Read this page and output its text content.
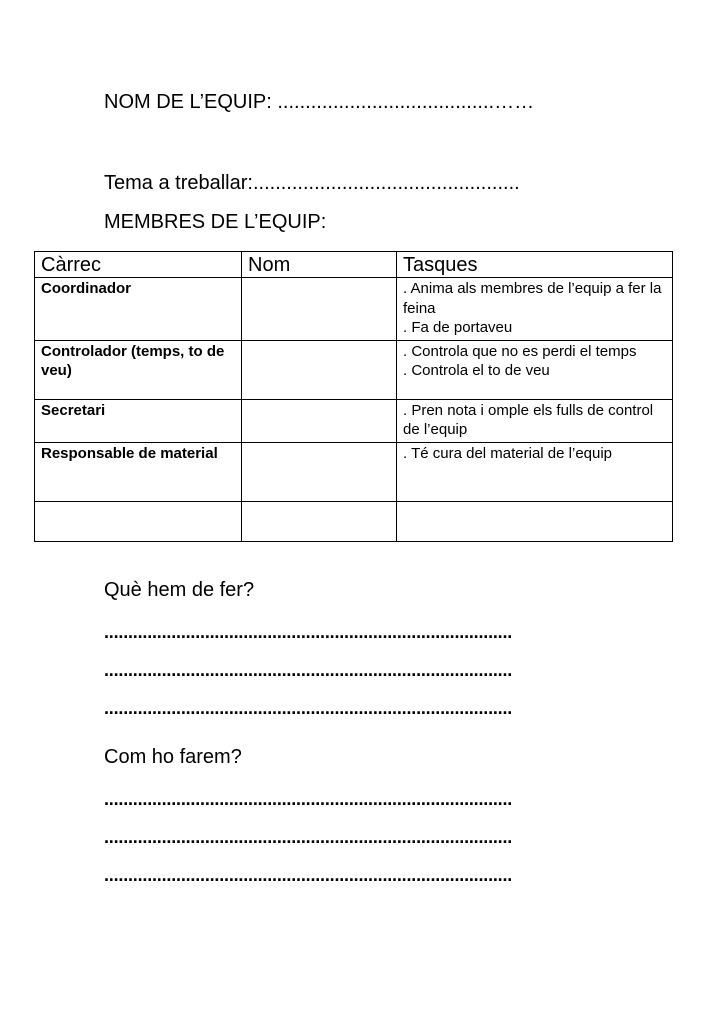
NOM DE L’EQUIP: .......................................……
Tema a treballar:................................................
MEMBRES DE L’EQUIP:
Càrrec	Nom	Tasques
Coordinador		. Anima als membres de l’equip a fer la feina
. Fa de portaveu

Controlador (temps, to de veu)		. Controla que no es perdi el temps
. Controla el to de veu

Secretari		. Pren nota i omple els fulls de control de l’equip

Responsable de material		. Té cura del material de l’equip

Què hem de fer?
.....................................................................................
.....................................................................................
.....................................................................................
Com ho farem?
.....................................................................................
.....................................................................................
.....................................................................................
